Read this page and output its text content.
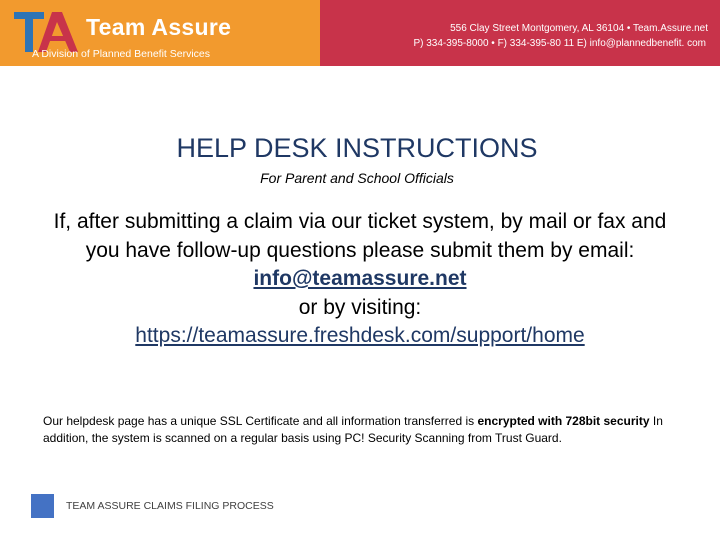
Team Assure
A Division of Planned Benefit Services
556 Clay Street Montgomery, AL 36104 • Team.Assure.net
P) 334-395-8000 • F) 334-395-80 11 E) info@plannedbenefit. com
HELP DESK INSTRUCTIONS
For Parent and School Officials
If, after submitting a claim via our ticket system, by mail or fax and you have follow-up questions please submit them by email:
info@teamassure.net
or by visiting:
https://teamassure.freshdesk.com/support/home
Our helpdesk page has a unique SSL Certificate and all information transferred is encrypted with 728bit security In addition, the system is scanned on a regular basis using PC! Security Scanning from Trust Guard.
TEAM ASSURE CLAIMS FILING PROCESS
